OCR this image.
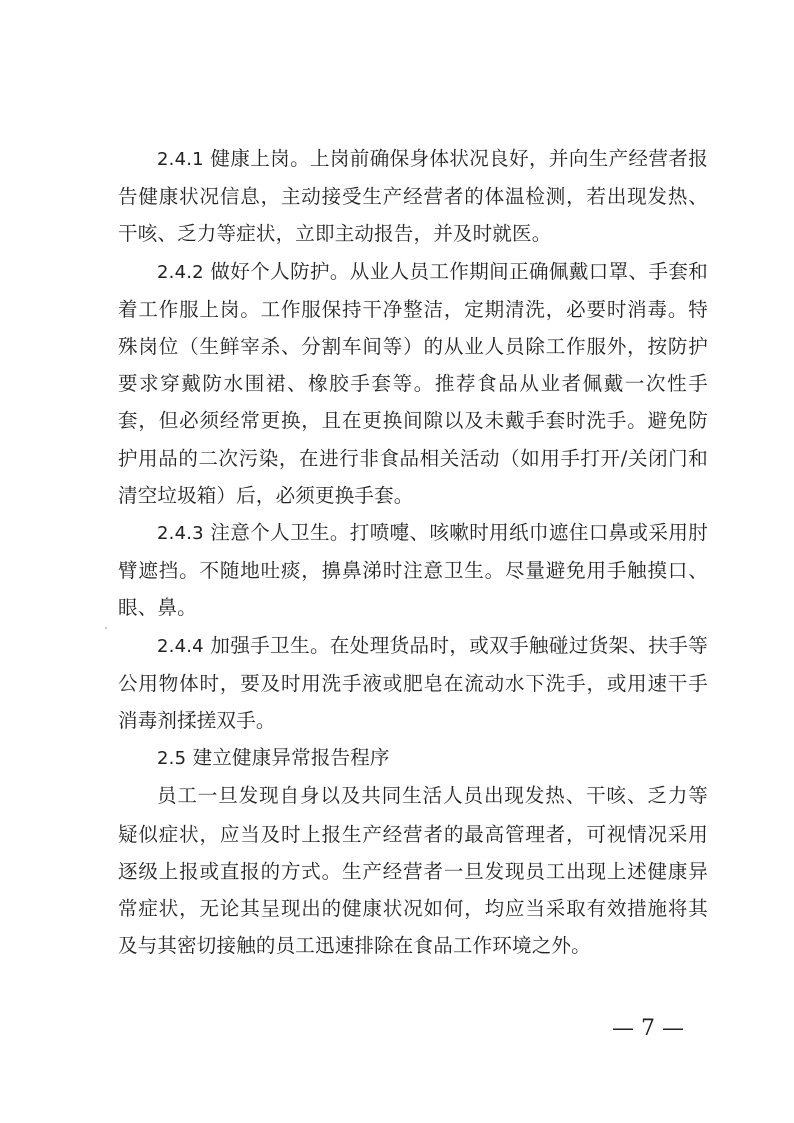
2.4.1 健康上岗。上岗前确保身体状况良好，并向生产经营者报告健康状况信息，主动接受生产经营者的体温检测，若出现发热、干咳、乏力等症状，立即主动报告，并及时就医。

2.4.2 做好个人防护。从业人员工作期间正确佩戴口罩、手套和着工作服上岗。工作服保持干净整洁，定期清洗，必要时消毒。特殊岗位（生鲜宰杀、分割车间等）的从业人员除工作服外，按防护要求穿戴防水围裙、橡胶手套等。推荐食品从业者佩戴一次性手套，但必须经常更换，且在更换间隙以及未戴手套时洗手。避免防护用品的二次污染，在进行非食品相关活动（如用手打开/关闭门和清空垃圾箱）后，必须更换手套。

2.4.3 注意个人卫生。打喷嚏、咳嗽时用纸巾遮住口鼻或采用肘臂遮挡。不随地吐痰，擤鼻涕时注意卫生。尽量避免用手触摸口、眼、鼻。

2.4.4 加强手卫生。在处理货品时，或双手触碰过货架、扶手等公用物体时，要及时用洗手液或肥皂在流动水下洗手，或用速干手消毒剂揉搓双手。

2.5 建立健康异常报告程序

员工一旦发现自身以及共同生活人员出现发热、干咳、乏力等疑似症状，应当及时上报生产经营者的最高管理者，可视情况采用逐级上报或直报的方式。生产经营者一旦发现员工出现上述健康异常症状，无论其呈现出的健康状况如何，均应当采取有效措施将其及与其密切接触的员工迅速排除在食品工作环境之外。

— 7 —
